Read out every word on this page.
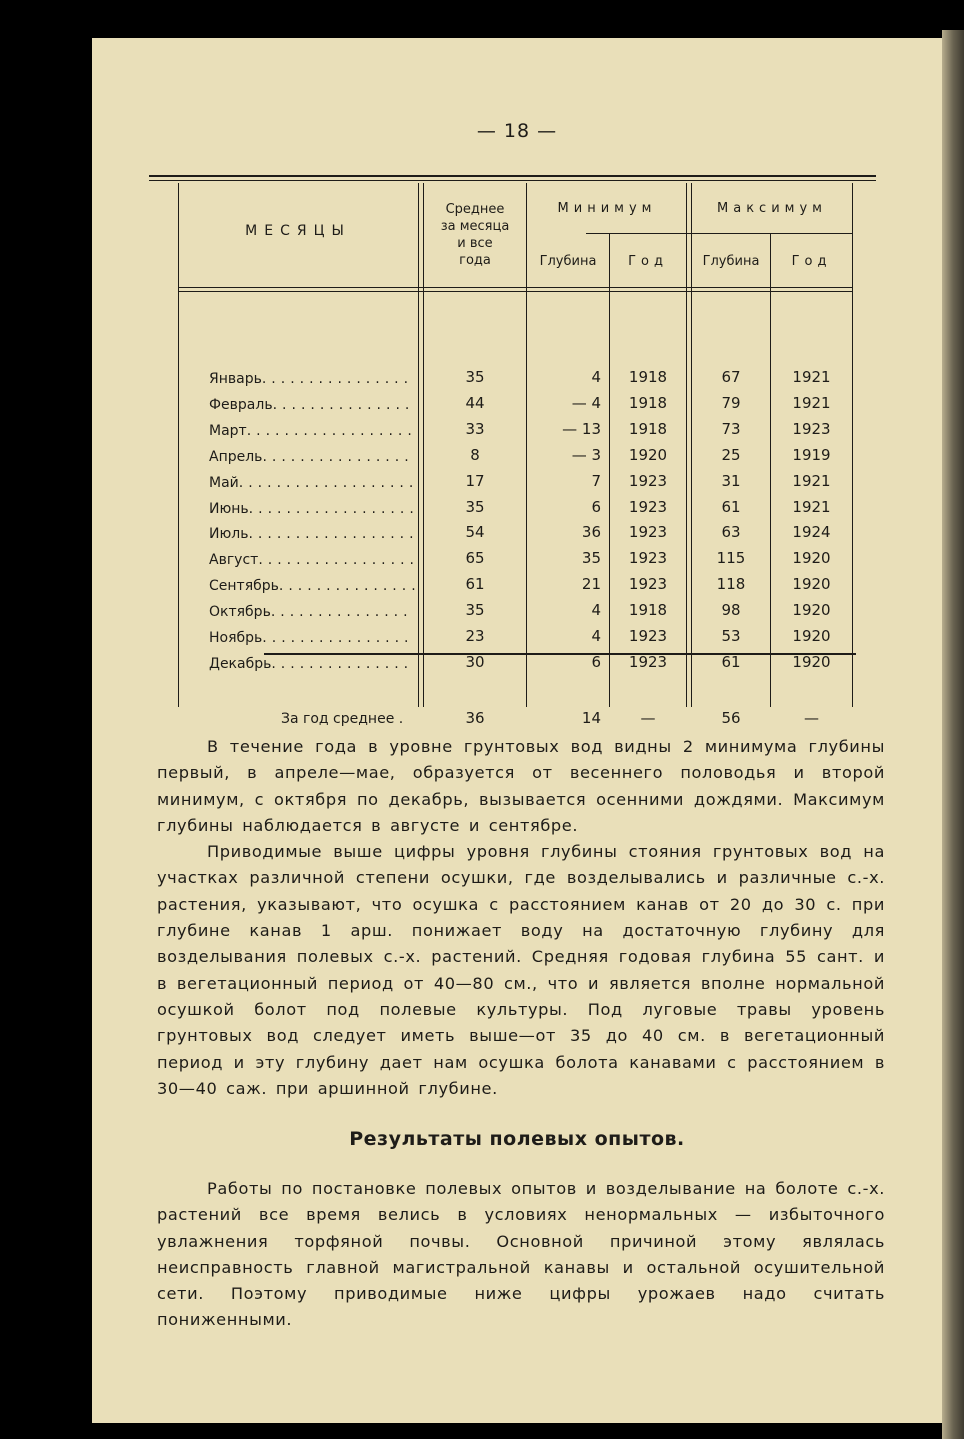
— 18 —
МЕСЯЦЫ
Среднее
за месяца
и все
года
Минимум	Максимум
Глубина	Год	Глубина	Год
Январь................	35	4	1918	67	1921
Февраль...............	44	— 4	1918	79	1921
Март..................	33	— 13	1918	73	1923
Апрель................	8	— 3	1920	25	1919
Май...................	17	7	1923	31	1921
Июнь..................	35	6	1923	61	1921
Июль..................	54	36	1923	63	1924
Август.................	65	35	1923	115	1920
Сентябрь...............	61	21	1923	118	1920
Октябрь...............	35	4	1918	98	1920
Ноябрь................	23	4	1923	53	1920
Декабрь...............	30	6	1923	61	1920
За год среднее .	36	14	—	56	—

В течение года в уровне грунтовых вод видны 2 минимума глубины первый, в апреле—мае, образуется от весеннего половодья и второй минимум, с октября по декабрь, вызывается осенними дождями. Максимум глубины наблюдается в августе и сентябре.

Приводимые выше цифры уровня глубины стояния грунтовых вод на участках различной степени осушки, где возделывались и различные с.-х. растения, указывают, что осушка с расстоянием канав от 20 до 30 с. при глубине канав 1 арш. понижает воду на достаточную глубину для возделывания полевых с.-х. растений. Средняя годовая глубина 55 сант. и в вегетационный период от 40—80 см., что и является вполне нормальной осушкой болот под полевые культуры. Под луговые травы уровень грунтовых вод следует иметь выше—от 35 до 40 см. в вегетационный период и эту глубину дает нам осушка болота канавами с расстоянием в 30—40 саж. при аршинной глубине.

Результаты полевых опытов.

Работы по постановке полевых опытов и возделывание на болоте с.-х. растений все время велись в условиях ненормальных — избыточного увлажнения торфяной почвы. Основной причиной этому являлась неисправность главной магистральной канавы и остальной осушительной сети. Поэтому приводимые ниже цифры урожаев надо считать пониженными.
